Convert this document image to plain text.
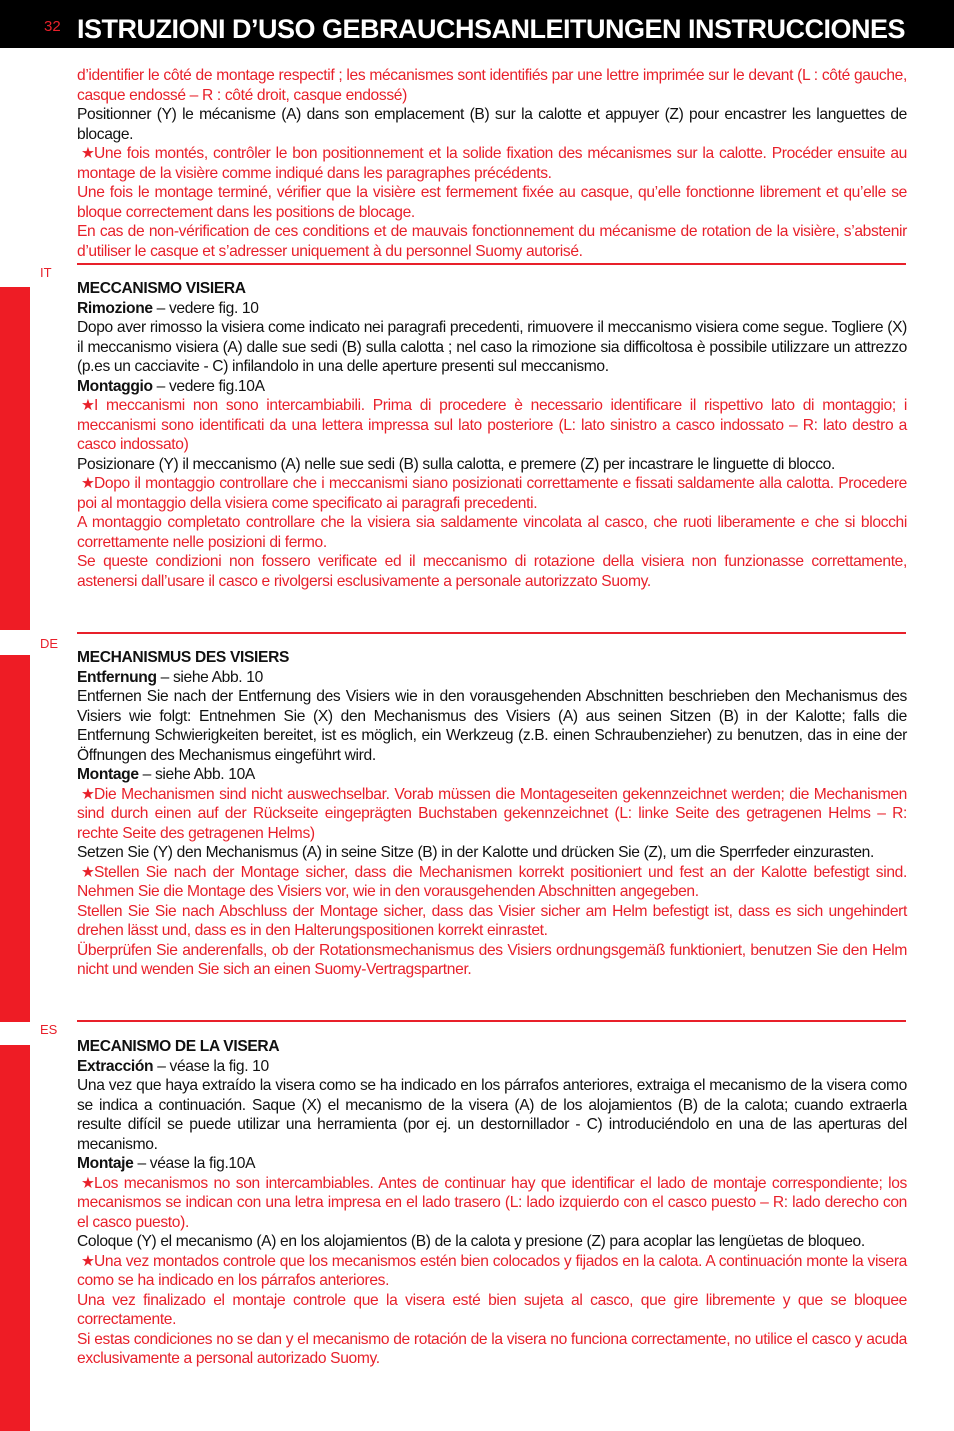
32 ISTRUZIONI D’USO GEBRAUCHSANLEITUNGEN INSTRUCCIONES
IT
DE
ES

d’identifier le côté de montage respectif ; les mécanismes sont identifiés par une lettre imprimée sur le devant (L : côté gauche, casque endossé – R : côté droit, casque endossé)

Positionner (Y) le mécanisme (A) dans son emplacement (B) sur la calotte et appuyer (Z) pour encastrer les languettes de blocage.

★Une fois montés, contrôler le bon positionnement et la solide fixation des mécanismes sur la calotte. Procéder ensuite au montage de la visière comme indiqué dans les paragraphes précédents.

Une fois le montage terminé, vérifier que la visière est fermement fixée au casque, qu’elle fonctionne librement et qu’elle se bloque correctement dans les positions de blocage.

En cas de non-vérification de ces conditions et de mauvais fonctionnement du mécanisme de rotation de la visière, s’abstenir d’utiliser le casque et s’adresser uniquement à du personnel Suomy autorisé.

MECCANISMO VISIERA

Rimozione – vedere fig. 10

Dopo aver rimosso la visiera come indicato nei paragrafi precedenti, rimuovere il meccanismo visiera come segue. Togliere (X) il meccanismo visiera (A) dalle sue sedi (B) sulla calotta ; nel caso la rimozione sia difficoltosa è possibile utilizzare un attrezzo (p.es un cacciavite - C) infilandolo in una delle aperture presenti sul meccanismo.

Montaggio – vedere fig.10A

★I meccanismi non sono intercambiabili. Prima di procedere è necessario identificare il rispettivo lato di montaggio; i meccanismi sono identificati da una lettera impressa sul lato posteriore (L: lato sinistro a casco indossato – R: lato destro a casco indossato)

Posizionare (Y) il meccanismo (A) nelle sue sedi (B) sulla calotta, e premere (Z) per incastrare le linguette di blocco.

★Dopo il montaggio controllare che i meccanismi siano posizionati correttamente e fissati saldamente alla calotta. Procedere poi al montaggio della visiera come specificato ai paragrafi precedenti.

A montaggio completato controllare che la visiera sia saldamente vincolata al casco, che ruoti liberamente e che si blocchi correttamente nelle posizioni di fermo.

Se queste condizioni non fossero verificate ed il meccanismo di rotazione della visiera non funzionasse correttamente, astenersi dall’usare il casco e rivolgersi esclusivamente a personale autorizzato Suomy.

MECHANISMUS DES VISIERS

Entfernung – siehe Abb. 10

Entfernen Sie nach der Entfernung des Visiers wie in den vorausgehenden Abschnitten beschrieben den Mechanismus des Visiers wie folgt: Entnehmen Sie (X) den Mechanismus des Visiers (A) aus seinen Sitzen (B) in der Kalotte; falls die Entfernung Schwierigkeiten bereitet, ist es möglich, ein Werkzeug (z.B. einen Schraubenzieher) zu benutzen, das in eine der Öffnungen des Mechanismus eingeführt wird.

Montage – siehe Abb. 10A

★Die Mechanismen sind nicht auswechselbar. Vorab müssen die Montageseiten gekennzeichnet werden; die Mechanismen sind durch einen auf der Rückseite eingeprägten Buchstaben gekennzeichnet (L: linke Seite des getragenen Helms – R: rechte Seite des getragenen Helms)

Setzen Sie (Y) den Mechanismus (A) in seine Sitze (B) in der Kalotte und drücken Sie (Z), um die Sperrfeder einzurasten.

★Stellen Sie nach der Montage sicher, dass die Mechanismen korrekt positioniert und fest an der Kalotte befestigt sind. Nehmen Sie die Montage des Visiers vor, wie in den vorausgehenden Abschnitten angegeben.

Stellen Sie Sie nach Abschluss der Montage sicher, dass das Visier sicher am Helm befestigt ist, dass es sich ungehindert drehen lässt und, dass es in den Halterungspositionen korrekt einrastet.

Überprüfen Sie anderenfalls, ob der Rotationsmechanismus des Visiers ordnungsgemäß funktioniert, benutzen Sie den Helm nicht und wenden Sie sich an einen Suomy-Vertragspartner.

MECANISMO DE LA VISERA

Extracción – véase la fig. 10

Una vez que haya extraído la visera como se ha indicado en los párrafos anteriores, extraiga el mecanismo de la visera como se indica a continuación. Saque (X) el mecanismo de la visera (A) de los alojamientos (B) de la calota; cuando extraerla resulte difícil se puede utilizar una herramienta (por ej. un destornillador - C) introduciéndolo en una de las aperturas del mecanismo.

Montaje – véase la fig.10A

★Los mecanismos no son intercambiables. Antes de continuar hay que identificar el lado de montaje correspondiente; los mecanismos se indican con una letra impresa en el lado trasero (L: lado izquierdo con el casco puesto – R: lado derecho con el casco puesto).

Coloque (Y) el mecanismo (A) en los alojamientos (B) de la calota y presione (Z) para acoplar las lengüetas de bloqueo.

★Una vez montados controle que los mecanismos estén bien colocados y fijados en la calota. A continuación monte la visera como se ha indicado en los párrafos anteriores.

Una vez finalizado el montaje controle que la visera esté bien sujeta al casco, que gire libremente y que se bloquee correctamente.

Si estas condiciones no se dan y el mecanismo de rotación de la visera no funciona correctamente, no utilice el casco y acuda exclusivamente a personal autorizado Suomy.
